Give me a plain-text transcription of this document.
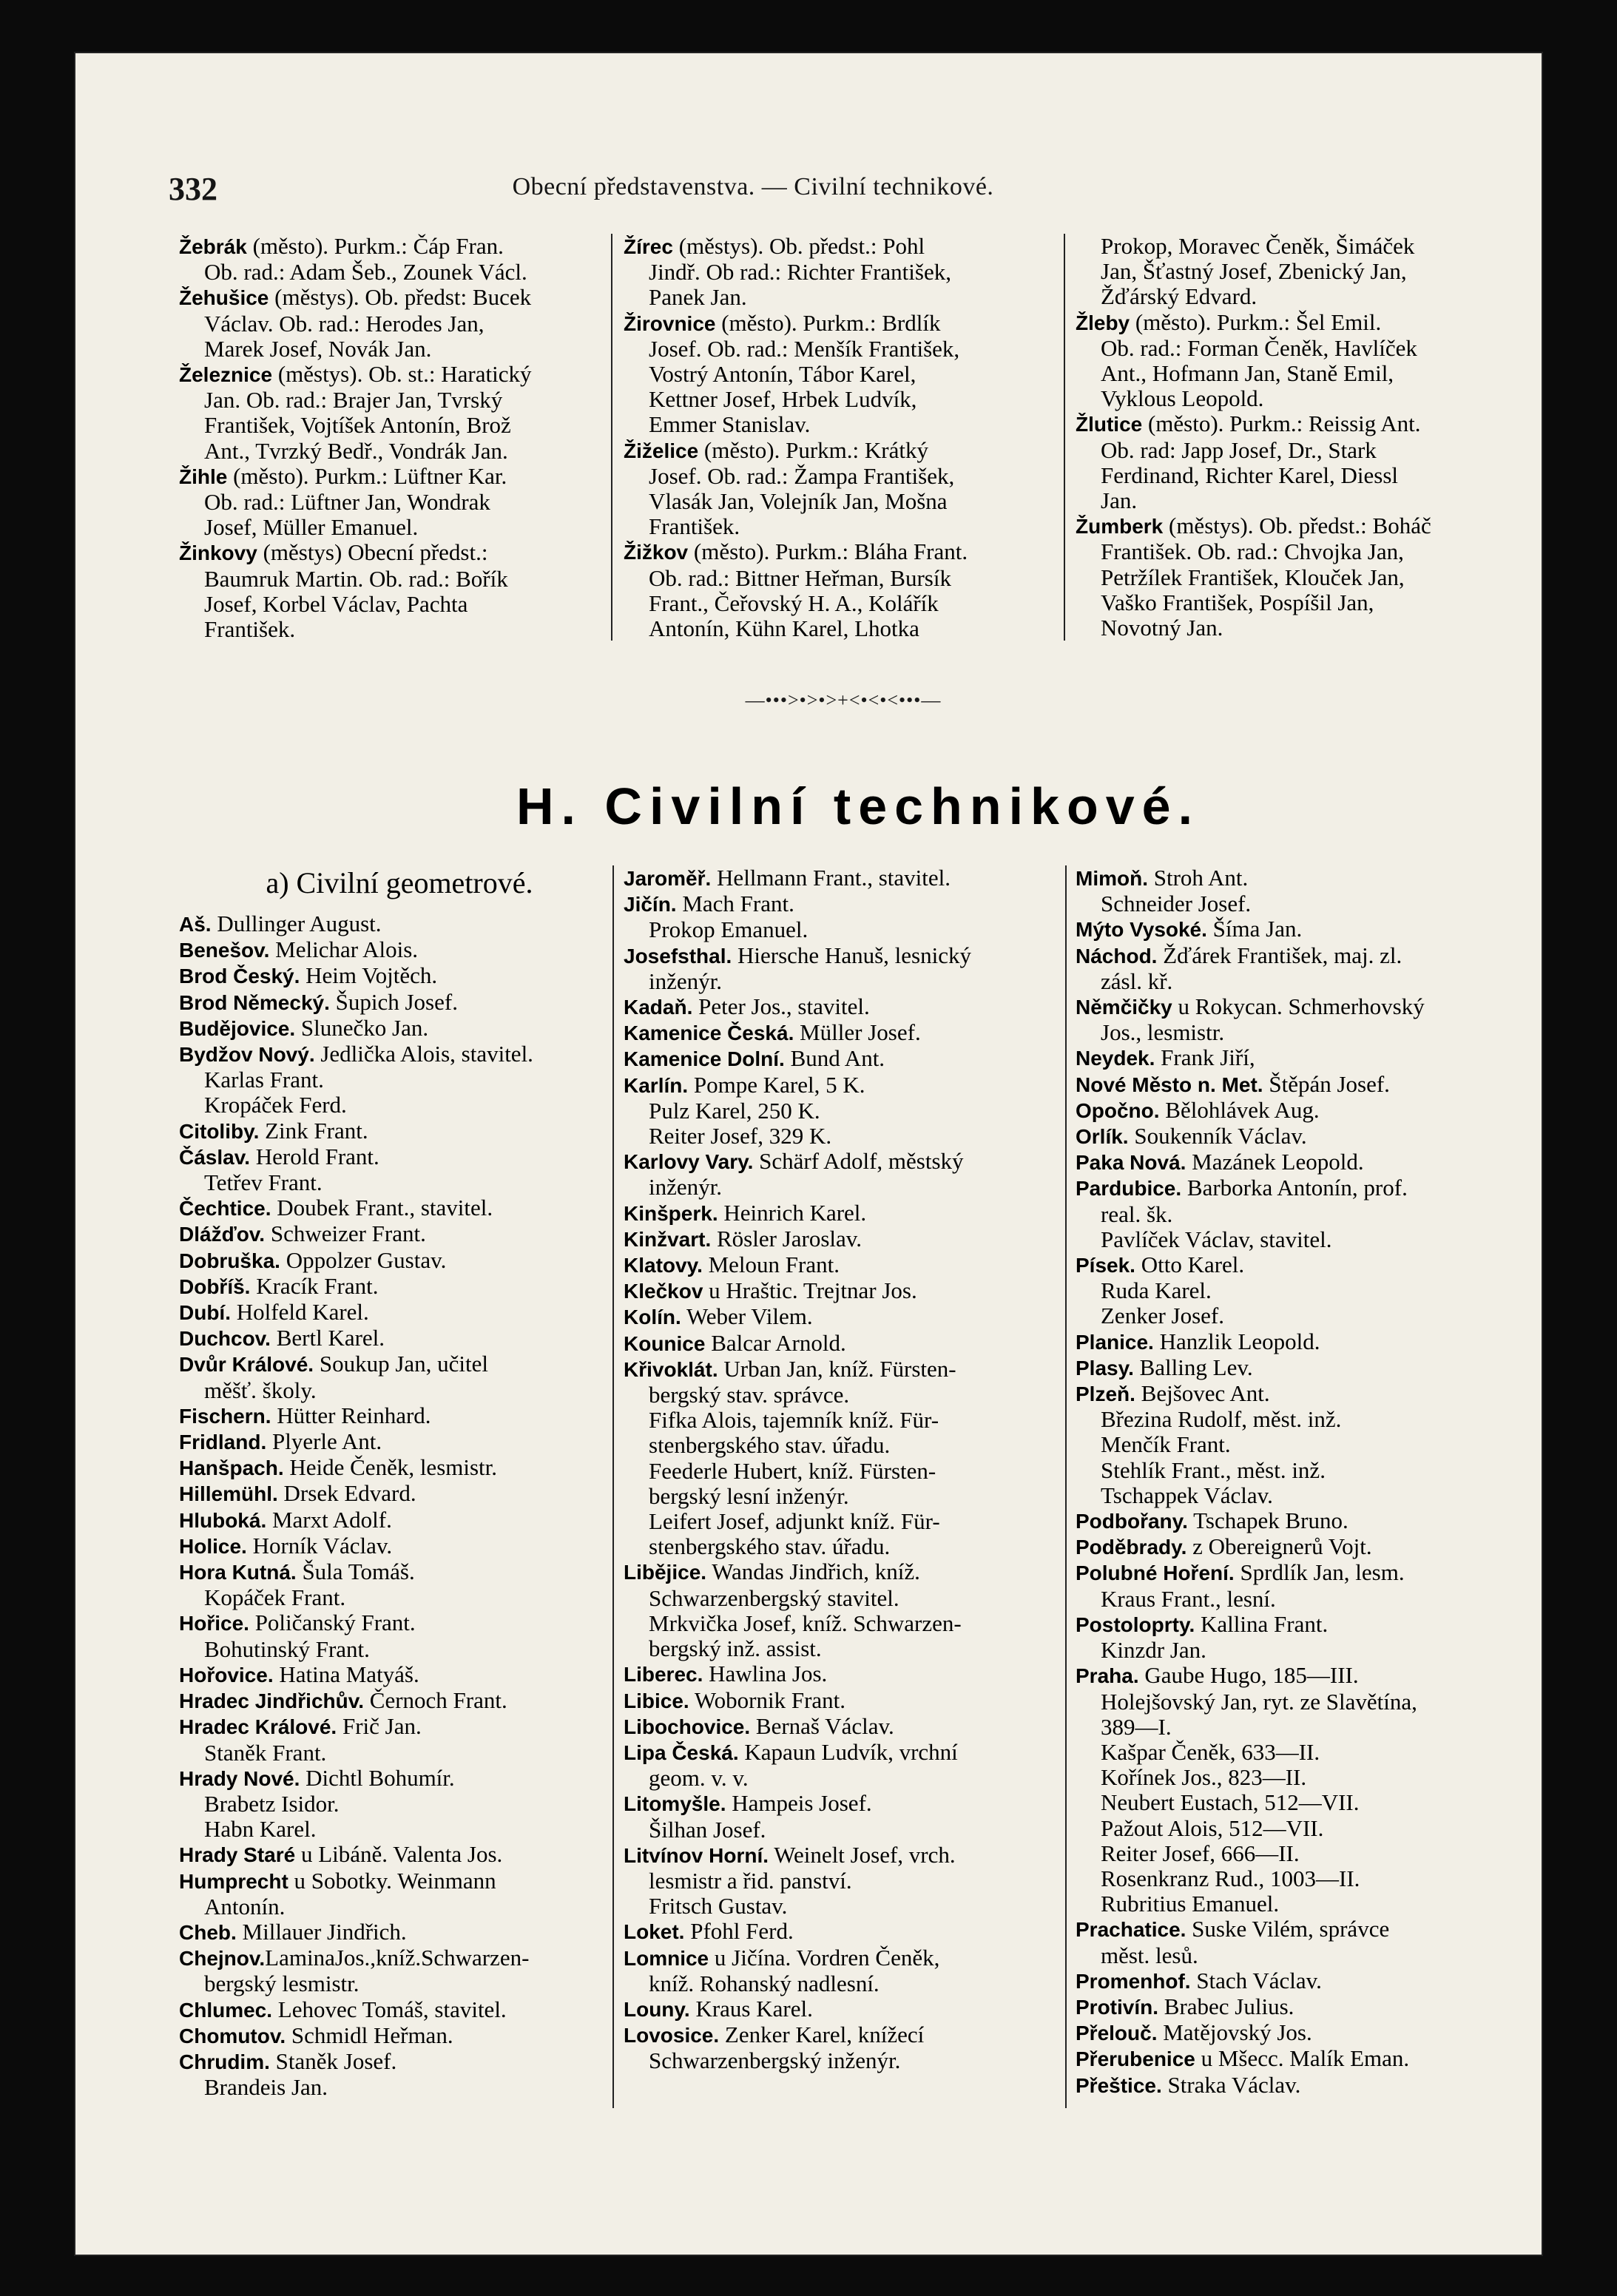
332	Obecní představenstva. — Civilní technikové.

Žebrák (město). Purkm.: Čáp Fran.

Ob. rad.: Adam Šeb., Zounek Václ.

Žehušice (městys). Ob. předst: Bucek

Václav. Ob. rad.: Herodes Jan,

Marek Josef, Novák Jan.

Železnice (městys). Ob. st.: Haratický

Jan. Ob. rad.: Brajer Jan, Tvrský

František, Vojtíšek Antonín, Brož

Ant., Tvrzký Bedř., Vondrák Jan.

Žihle (město). Purkm.: Lüftner Kar.

Ob. rad.: Lüftner Jan, Wondrak

Josef, Müller Emanuel.

Žinkovy (městys) Obecní předst.:

Baumruk Martin. Ob. rad.: Bořík

Josef, Korbel Václav, Pachta

František.

Žírec (městys). Ob. předst.: Pohl

Jindř. Ob rad.: Richter František,

Panek Jan.

Žirovnice (město). Purkm.: Brdlík

Josef. Ob. rad.: Menšík František,

Vostrý Antonín, Tábor Karel,

Kettner Josef, Hrbek Ludvík,

Emmer Stanislav.

Žiželice (město). Purkm.: Krátký

Josef. Ob. rad.: Žampa František,

Vlasák Jan, Volejník Jan, Mošna

František.

Žižkov (město). Purkm.: Bláha Frant.

Ob. rad.: Bittner Heřman, Bursík

Frant., Čeřovský H. A., Kolářík

Antonín, Kühn Karel, Lhotka

Prokop, Moravec Čeněk, Šimáček

Jan, Šťastný Josef, Zbenický Jan,

Žďárský Edvard.

Žleby (město). Purkm.: Šel Emil.

Ob. rad.: Forman Čeněk, Havlíček

Ant., Hofmann Jan, Staně Emil,

Vyklous Leopold.

Žlutice (město). Purkm.: Reissig Ant.

Ob. rad: Japp Josef, Dr., Stark

Ferdinand, Richter Karel, Diessl

Jan.

Žumberk (městys). Ob. předst.: Boháč

František. Ob. rad.: Chvojka Jan,

Petržílek František, Klouček Jan,

Vaško František, Pospíšil Jan,

Novotný Jan.

—•••>•>•>+<•<•<•••—
H. Civilní technikové.
a) Civilní geometrové.

Aš. Dullinger August.

Benešov. Melichar Alois.

Brod Český. Heim Vojtěch.

Brod Německý. Šupich Josef.

Budějovice. Slunečko Jan.

Bydžov Nový. Jedlička Alois, stavitel.

Karlas Frant.

Kropáček Ferd.

Citoliby. Zink Frant.

Čáslav. Herold Frant.

Tetřev Frant.

Čechtice. Doubek Frant., stavitel.

Dlážďov. Schweizer Frant.

Dobruška. Oppolzer Gustav.

Dobříš. Kracík Frant.

Dubí. Holfeld Karel.

Duchcov. Bertl Karel.

Dvůr Králové. Soukup Jan, učitel

měšť. školy.

Fischern. Hütter Reinhard.

Fridland. Plyerle Ant.

Hanšpach. Heide Čeněk, lesmistr.

Hillemühl. Drsek Edvard.

Hluboká. Marxt Adolf.

Holice. Horník Václav.

Hora Kutná. Šula Tomáš.

Kopáček Frant.

Hořice. Poličanský Frant.

Bohutinský Frant.

Hořovice. Hatina Matyáš.

Hradec Jindřichův. Černoch Frant.

Hradec Králové. Frič Jan.

Staněk Frant.

Hrady Nové. Dichtl Bohumír.

Brabetz Isidor.

Habn Karel.

Hrady Staré u Libáně. Valenta Jos.

Humprecht u Sobotky. Weinmann

Antonín.

Cheb. Millauer Jindřich.

Chejnov.LaminaJos.,kníž.Schwarzen-

bergský lesmistr.

Chlumec. Lehovec Tomáš, stavitel.

Chomutov. Schmidl Heřman.

Chrudim. Staněk Josef.

Brandeis Jan.

Jaroměř. Hellmann Frant., stavitel.

Jičín. Mach Frant.

Prokop Emanuel.

Josefsthal. Hiersche Hanuš, lesnický

inženýr.

Kadaň. Peter Jos., stavitel.

Kamenice Česká. Müller Josef.

Kamenice Dolní. Bund Ant.

Karlín. Pompe Karel, 5 K.

Pulz Karel, 250 K.

Reiter Josef, 329 K.

Karlovy Vary. Schärf Adolf, městský

inženýr.

Kinšperk. Heinrich Karel.

Kinžvart. Rösler Jaroslav.

Klatovy. Meloun Frant.

Klečkov u Hraštic. Trejtnar Jos.

Kolín. Weber Vilem.

Kounice Balcar Arnold.

Křivoklát. Urban Jan, kníž. Fürsten-

bergský stav. správce.

Fifka Alois, tajemník kníž. Für-

stenbergského stav. úřadu.

Feederle Hubert, kníž. Fürsten-

bergský lesní inženýr.

Leifert Josef, adjunkt kníž. Für-

stenbergského stav. úřadu.

Libějice. Wandas Jindřich, kníž.

Schwarzenbergský stavitel.

Mrkvička Josef, kníž. Schwarzen-

bergský inž. assist.

Liberec. Hawlina Jos.

Libice. Wobornik Frant.

Libochovice. Bernaš Václav.

Lipa Česká. Kapaun Ludvík, vrchní

geom. v. v.

Litomyšle. Hampeis Josef.

Šilhan Josef.

Litvínov Horní. Weinelt Josef, vrch.

lesmistr a řid. panství.

Fritsch Gustav.

Loket. Pfohl Ferd.

Lomnice u Jičína. Vordren Čeněk,

kníž. Rohanský nadlesní.

Louny. Kraus Karel.

Lovosice. Zenker Karel, knížecí

Schwarzenbergský inženýr.

Mimoň. Stroh Ant.

Schneider Josef.

Mýto Vysoké. Šíma Jan.

Náchod. Žďárek František, maj. zl.

zásl. kř.

Němčičky u Rokycan. Schmerhovský

Jos., lesmistr.

Neydek. Frank Jiří,

Nové Město n. Met. Štěpán Josef.

Opočno. Bělohlávek Aug.

Orlík. Soukenník Václav.

Paka Nová. Mazánek Leopold.

Pardubice. Barborka Antonín, prof.

real. šk.

Pavlíček Václav, stavitel.

Písek. Otto Karel.

Ruda Karel.

Zenker Josef.

Planice. Hanzlik Leopold.

Plasy. Balling Lev.

Plzeň. Bejšovec Ant.

Březina Rudolf, měst. inž.

Menčík Frant.

Stehlík Frant., měst. inž.

Tschappek Václav.

Podbořany. Tschapek Bruno.

Poděbrady. z Obereignerů Vojt.

Polubné Hoření. Sprdlík Jan, lesm.

Kraus Frant., lesní.

Postoloprty. Kallina Frant.

Kinzdr Jan.

Praha. Gaube Hugo, 185—III.

Holejšovský Jan, ryt. ze Slavětína,

389—I.

Kašpar Čeněk, 633—II.

Kořínek Jos., 823—II.

Neubert Eustach, 512—VII.

Pažout Alois, 512—VII.

Reiter Josef, 666—II.

Rosenkranz Rud., 1003—II.

Rubritius Emanuel.

Prachatice. Suske Vilém, správce

měst. lesů.

Promenhof. Stach Václav.

Protivín. Brabec Julius.

Přelouč. Matějovský Jos.

Přerubenice u Mšecc. Malík Eman.

Přeštice. Straka Václav.
